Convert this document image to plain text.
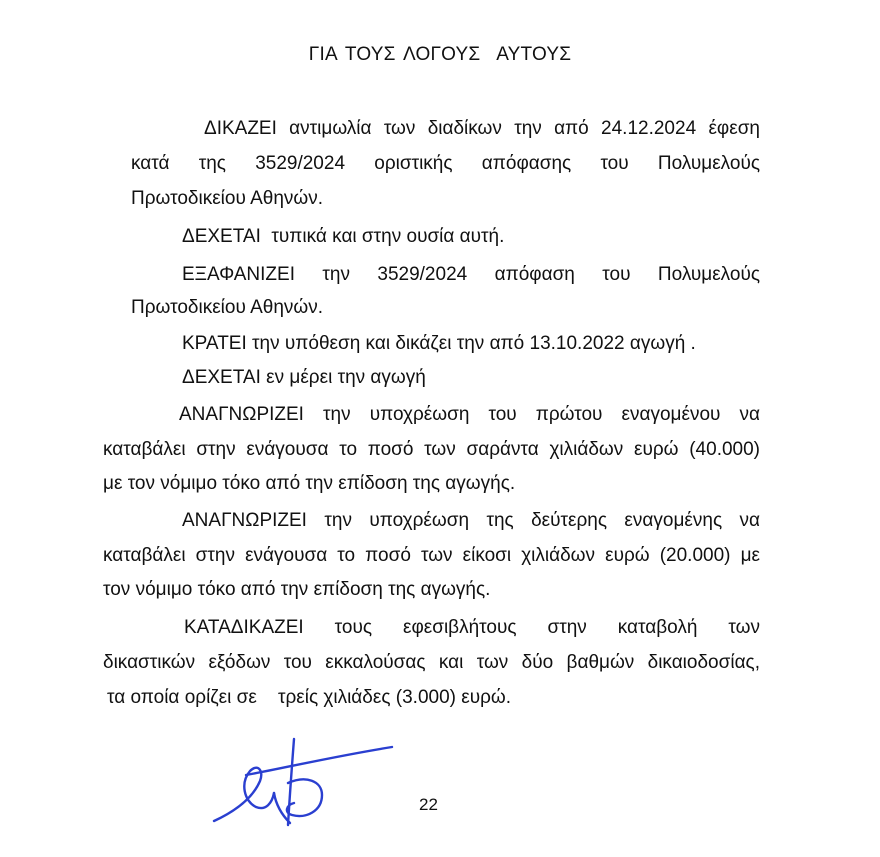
ΓΙΑ ΤΟΥΣ ΛΟΓΟΥΣ  ΑΥΤΟΥΣ
ΔΙΚΑΖΕΙ αντιμωλία των διαδίκων την από 24.12.2024 έφεση
κατά της 3529/2024 οριστικής απόφασης του Πολυμελούς
Πρωτοδικείου Αθηνών.
ΔΕΧΕΤΑΙ  τυπικά και στην ουσία αυτή.
ΕΞΑΦΑΝΙΖΕΙ την 3529/2024 απόφαση του Πολυμελούς
Πρωτοδικείου Αθηνών.
ΚΡΑΤΕΙ την υπόθεση και δικάζει την από 13.10.2022 αγωγή .
ΔΕΧΕΤΑΙ εν μέρει την αγωγή
ΑΝΑΓΝΩΡΙΖΕΙ την υποχρέωση του πρώτου εναγομένου να
καταβάλει στην ενάγουσα το ποσό των σαράντα χιλιάδων ευρώ (40.000)
με τον νόμιμο τόκο από την επίδοση της αγωγής.
ΑΝΑΓΝΩΡΙΖΕΙ την υποχρέωση της δεύτερης εναγομένης να
καταβάλει στην ενάγουσα το ποσό των είκοσι χιλιάδων ευρώ (20.000) με
τον νόμιμο τόκο από την επίδοση της αγωγής.
ΚΑΤΑΔΙΚΑΖΕΙ τους εφεσιβλήτους στην καταβολή των
δικαστικών εξόδων του εκκαλούσας και των δύο βαθμών δικαιοδοσίας,
τα οποία ορίζει σε    τρείς χιλιάδες (3.000) ευρώ.
22
